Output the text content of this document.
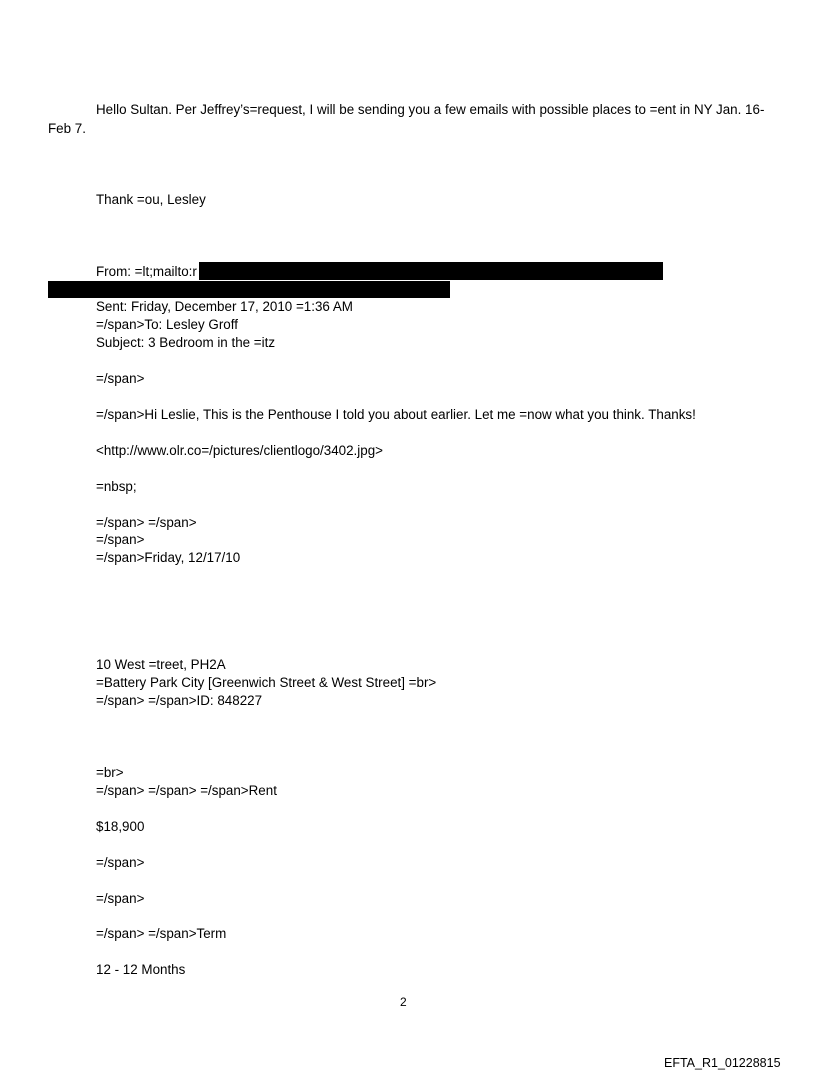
Hello Sultan. Per Jeffrey’s=request, I will be sending you a few emails with possible places to =ent in NY Jan. 16-
Feb 7.
Thank =ou, Lesley
From: =lt;mailto:r
Sent: Friday, December 17, 2010 =1:36 AM
=/span>To: Lesley Groff
Subject: 3 Bedroom in the =itz
=/span>
=/span>Hi Leslie, This is the Penthouse I told you about earlier. Let me =now what you think. Thanks!
<http://www.olr.co=/pictures/clientlogo/3402.jpg>
=nbsp;
=/span> =/span>
=/span>
=/span>Friday, 12/17/10
10 West =treet, PH2A
=Battery Park City [Greenwich Street & West Street] =br>
=/span> =/span>ID: 848227
=br>
=/span> =/span> =/span>Rent
$18,900
=/span>
=/span>
=/span> =/span>Term
12 - 12 Months
2
EFTA_R1_01228815
